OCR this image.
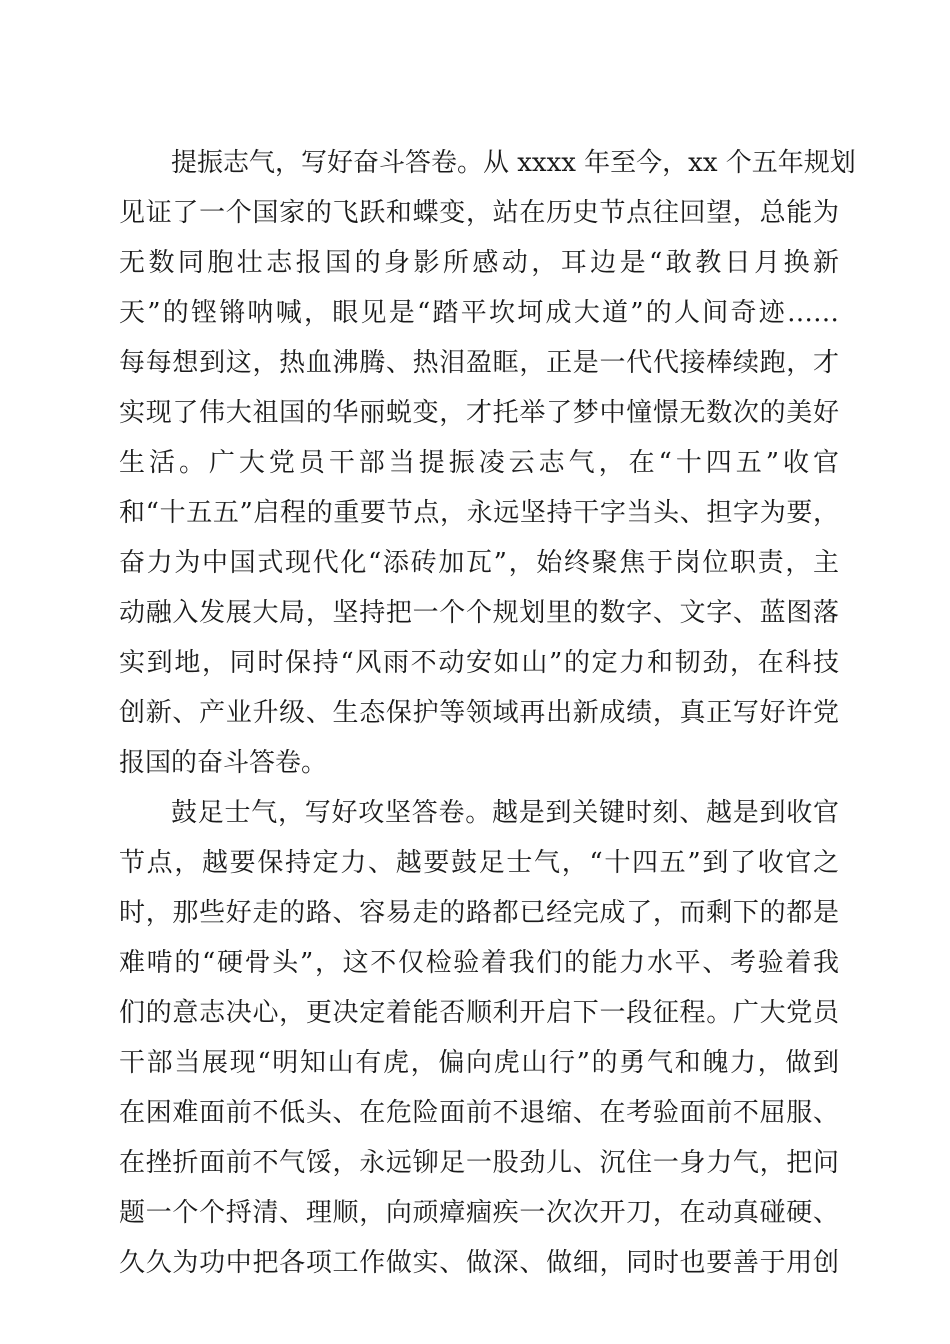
提振志气，写好奋斗答卷。从 xxxx 年至今，xx 个五年规划
见证了一个国家的飞跃和蝶变，站在历史节点往回望，总能为
无数同胞壮志报国的身影所感动，耳边是“敢教日月换新
天”的铿锵呐喊，眼见是“踏平坎坷成大道”的人间奇迹……
每每想到这，热血沸腾、热泪盈眶，正是一代代接棒续跑，才
实现了伟大祖国的华丽蜕变，才托举了梦中憧憬无数次的美好
生活。广大党员干部当提振凌云志气，在“十四五”收官
和“十五五”启程的重要节点，永远坚持干字当头、担字为要，
奋力为中国式现代化“添砖加瓦”，始终聚焦于岗位职责，主
动融入发展大局，坚持把一个个规划里的数字、文字、蓝图落
实到地，同时保持“风雨不动安如山”的定力和韧劲，在科技
创新、产业升级、生态保护等领域再出新成绩，真正写好许党
报国的奋斗答卷。
鼓足士气，写好攻坚答卷。越是到关键时刻、越是到收官
节点，越要保持定力、越要鼓足士气，“十四五”到了收官之
时，那些好走的路、容易走的路都已经完成了，而剩下的都是
难啃的“硬骨头”，这不仅检验着我们的能力水平、考验着我
们的意志决心，更决定着能否顺利开启下一段征程。广大党员
干部当展现“明知山有虎，偏向虎山行”的勇气和魄力，做到
在困难面前不低头、在危险面前不退缩、在考验面前不屈服、
在挫折面前不气馁，永远铆足一股劲儿、沉住一身力气，把问
题一个个捋清、理顺，向顽瘴痼疾一次次开刀，在动真碰硬、
久久为功中把各项工作做实、做深、做细，同时也要善于用创
